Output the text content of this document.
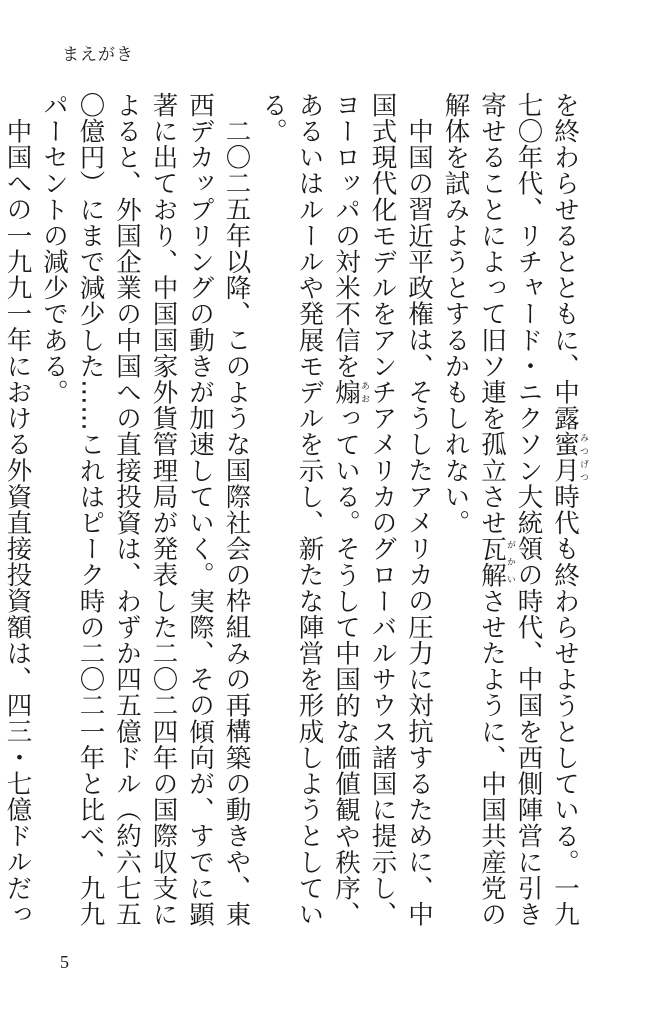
まえがき

を終わらせるとともに、中露蜜月みつげつ時代も終わらせようとしている。一九七〇年代、リチャード・ニクソン大統領の時代、中国を西側陣営に引き寄せることによって旧ソ連を孤立させ瓦解がかいさせたように、中国共産党の解体を試みようとするかもしれない。

中国の習近平政権は、そうしたアメリカの圧力に対抗するために、中国式現代化モデルをアンチアメリカのグローバルサウス諸国に提示し、ヨーロッパの対米不信を煽あおっている。そうして中国的な価値観や秩序、あるいはルールや発展モデルを示し、新たな陣営を形成しようとしている。

二〇二五年以降、このような国際社会の枠組みの再構築の動きや、東西デカップリングの動きが加速していく。実際、その傾向が、すでに顕著に出ており、中国国家外貨管理局が発表した二〇二四年の国際収支によると、外国企業の中国への直接投資は、わずか四五億ドル（約六七五〇億円）にまで減少した……これはピーク時の二〇二一年と比べ、九九パーセントの減少である。

中国への一九九一年における外資直接投資額は、四三・七億ドルだっ

5
